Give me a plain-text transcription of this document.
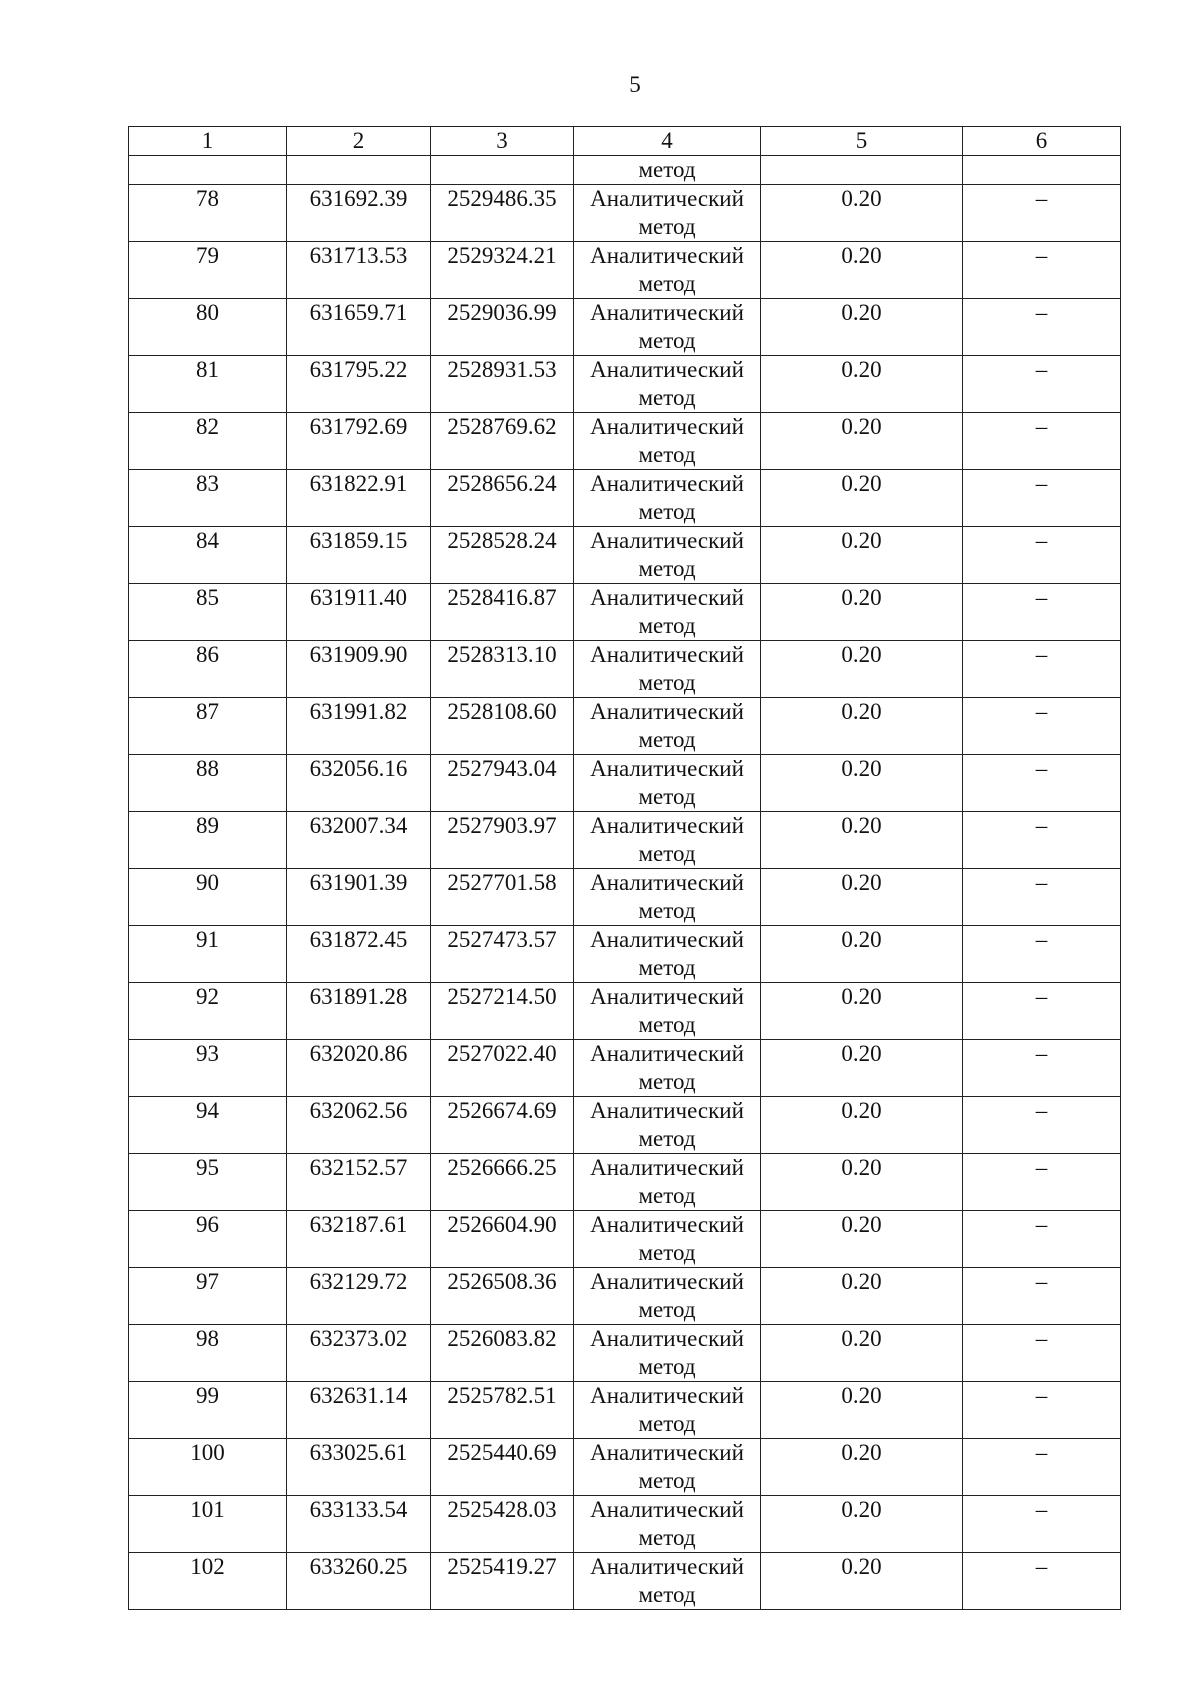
5
1	2	3	4	5	6
			метод		
78	631692.39	2529486.35	Аналитический
метод	0.20	–
79	631713.53	2529324.21	Аналитический
метод	0.20	–
80	631659.71	2529036.99	Аналитический
метод	0.20	–
81	631795.22	2528931.53	Аналитический
метод	0.20	–
82	631792.69	2528769.62	Аналитический
метод	0.20	–
83	631822.91	2528656.24	Аналитический
метод	0.20	–
84	631859.15	2528528.24	Аналитический
метод	0.20	–
85	631911.40	2528416.87	Аналитический
метод	0.20	–
86	631909.90	2528313.10	Аналитический
метод	0.20	–
87	631991.82	2528108.60	Аналитический
метод	0.20	–
88	632056.16	2527943.04	Аналитический
метод	0.20	–
89	632007.34	2527903.97	Аналитический
метод	0.20	–
90	631901.39	2527701.58	Аналитический
метод	0.20	–
91	631872.45	2527473.57	Аналитический
метод	0.20	–
92	631891.28	2527214.50	Аналитический
метод	0.20	–
93	632020.86	2527022.40	Аналитический
метод	0.20	–
94	632062.56	2526674.69	Аналитический
метод	0.20	–
95	632152.57	2526666.25	Аналитический
метод	0.20	–
96	632187.61	2526604.90	Аналитический
метод	0.20	–
97	632129.72	2526508.36	Аналитический
метод	0.20	–
98	632373.02	2526083.82	Аналитический
метод	0.20	–
99	632631.14	2525782.51	Аналитический
метод	0.20	–
100	633025.61	2525440.69	Аналитический
метод	0.20	–
101	633133.54	2525428.03	Аналитический
метод	0.20	–
102	633260.25	2525419.27	Аналитический
метод	0.20	–
